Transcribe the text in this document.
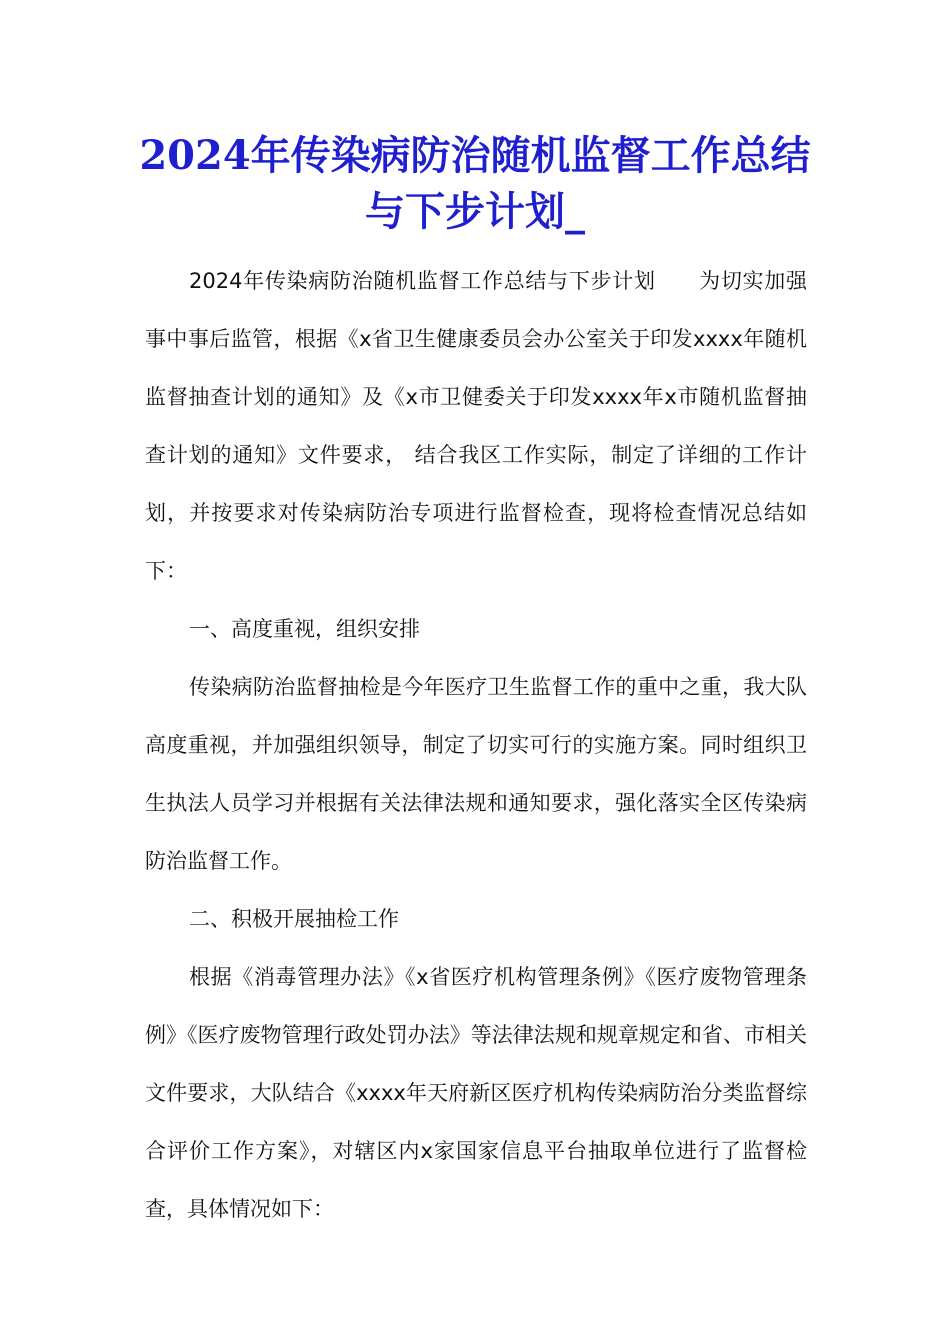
2024年传染病防治随机监督工作总结与下步计划_

2024年传染病防治随机监督工作总结与下步计划　　为切实加强事中事后监管，根据《x省卫生健康委员会办公室关于印发xxxx年随机监督抽查计划的通知》及《x市卫健委关于印发xxxx年x市随机监督抽查计划的通知》文件要求， 结合我区工作实际，制定了详细的工作计划，并按要求对传染病防治专项进行监督检查，现将检查情况总结如下：

一、高度重视，组织安排

传染病防治监督抽检是今年医疗卫生监督工作的重中之重，我大队高度重视，并加强组织领导，制定了切实可行的实施方案。同时组织卫生执法人员学习并根据有关法律法规和通知要求，强化落实全区传染病防治监督工作。

二、积极开展抽检工作

根据《消毒管理办法》《x省医疗机构管理条例》《医疗废物管理条例》《医疗废物管理行政处罚办法》等法律法规和规章规定和省、市相关文件要求，大队结合《xxxx年天府新区医疗机构传染病防治分类监督综合评价工作方案》，对辖区内x家国家信息平台抽取单位进行了监督检查，具体情况如下：
